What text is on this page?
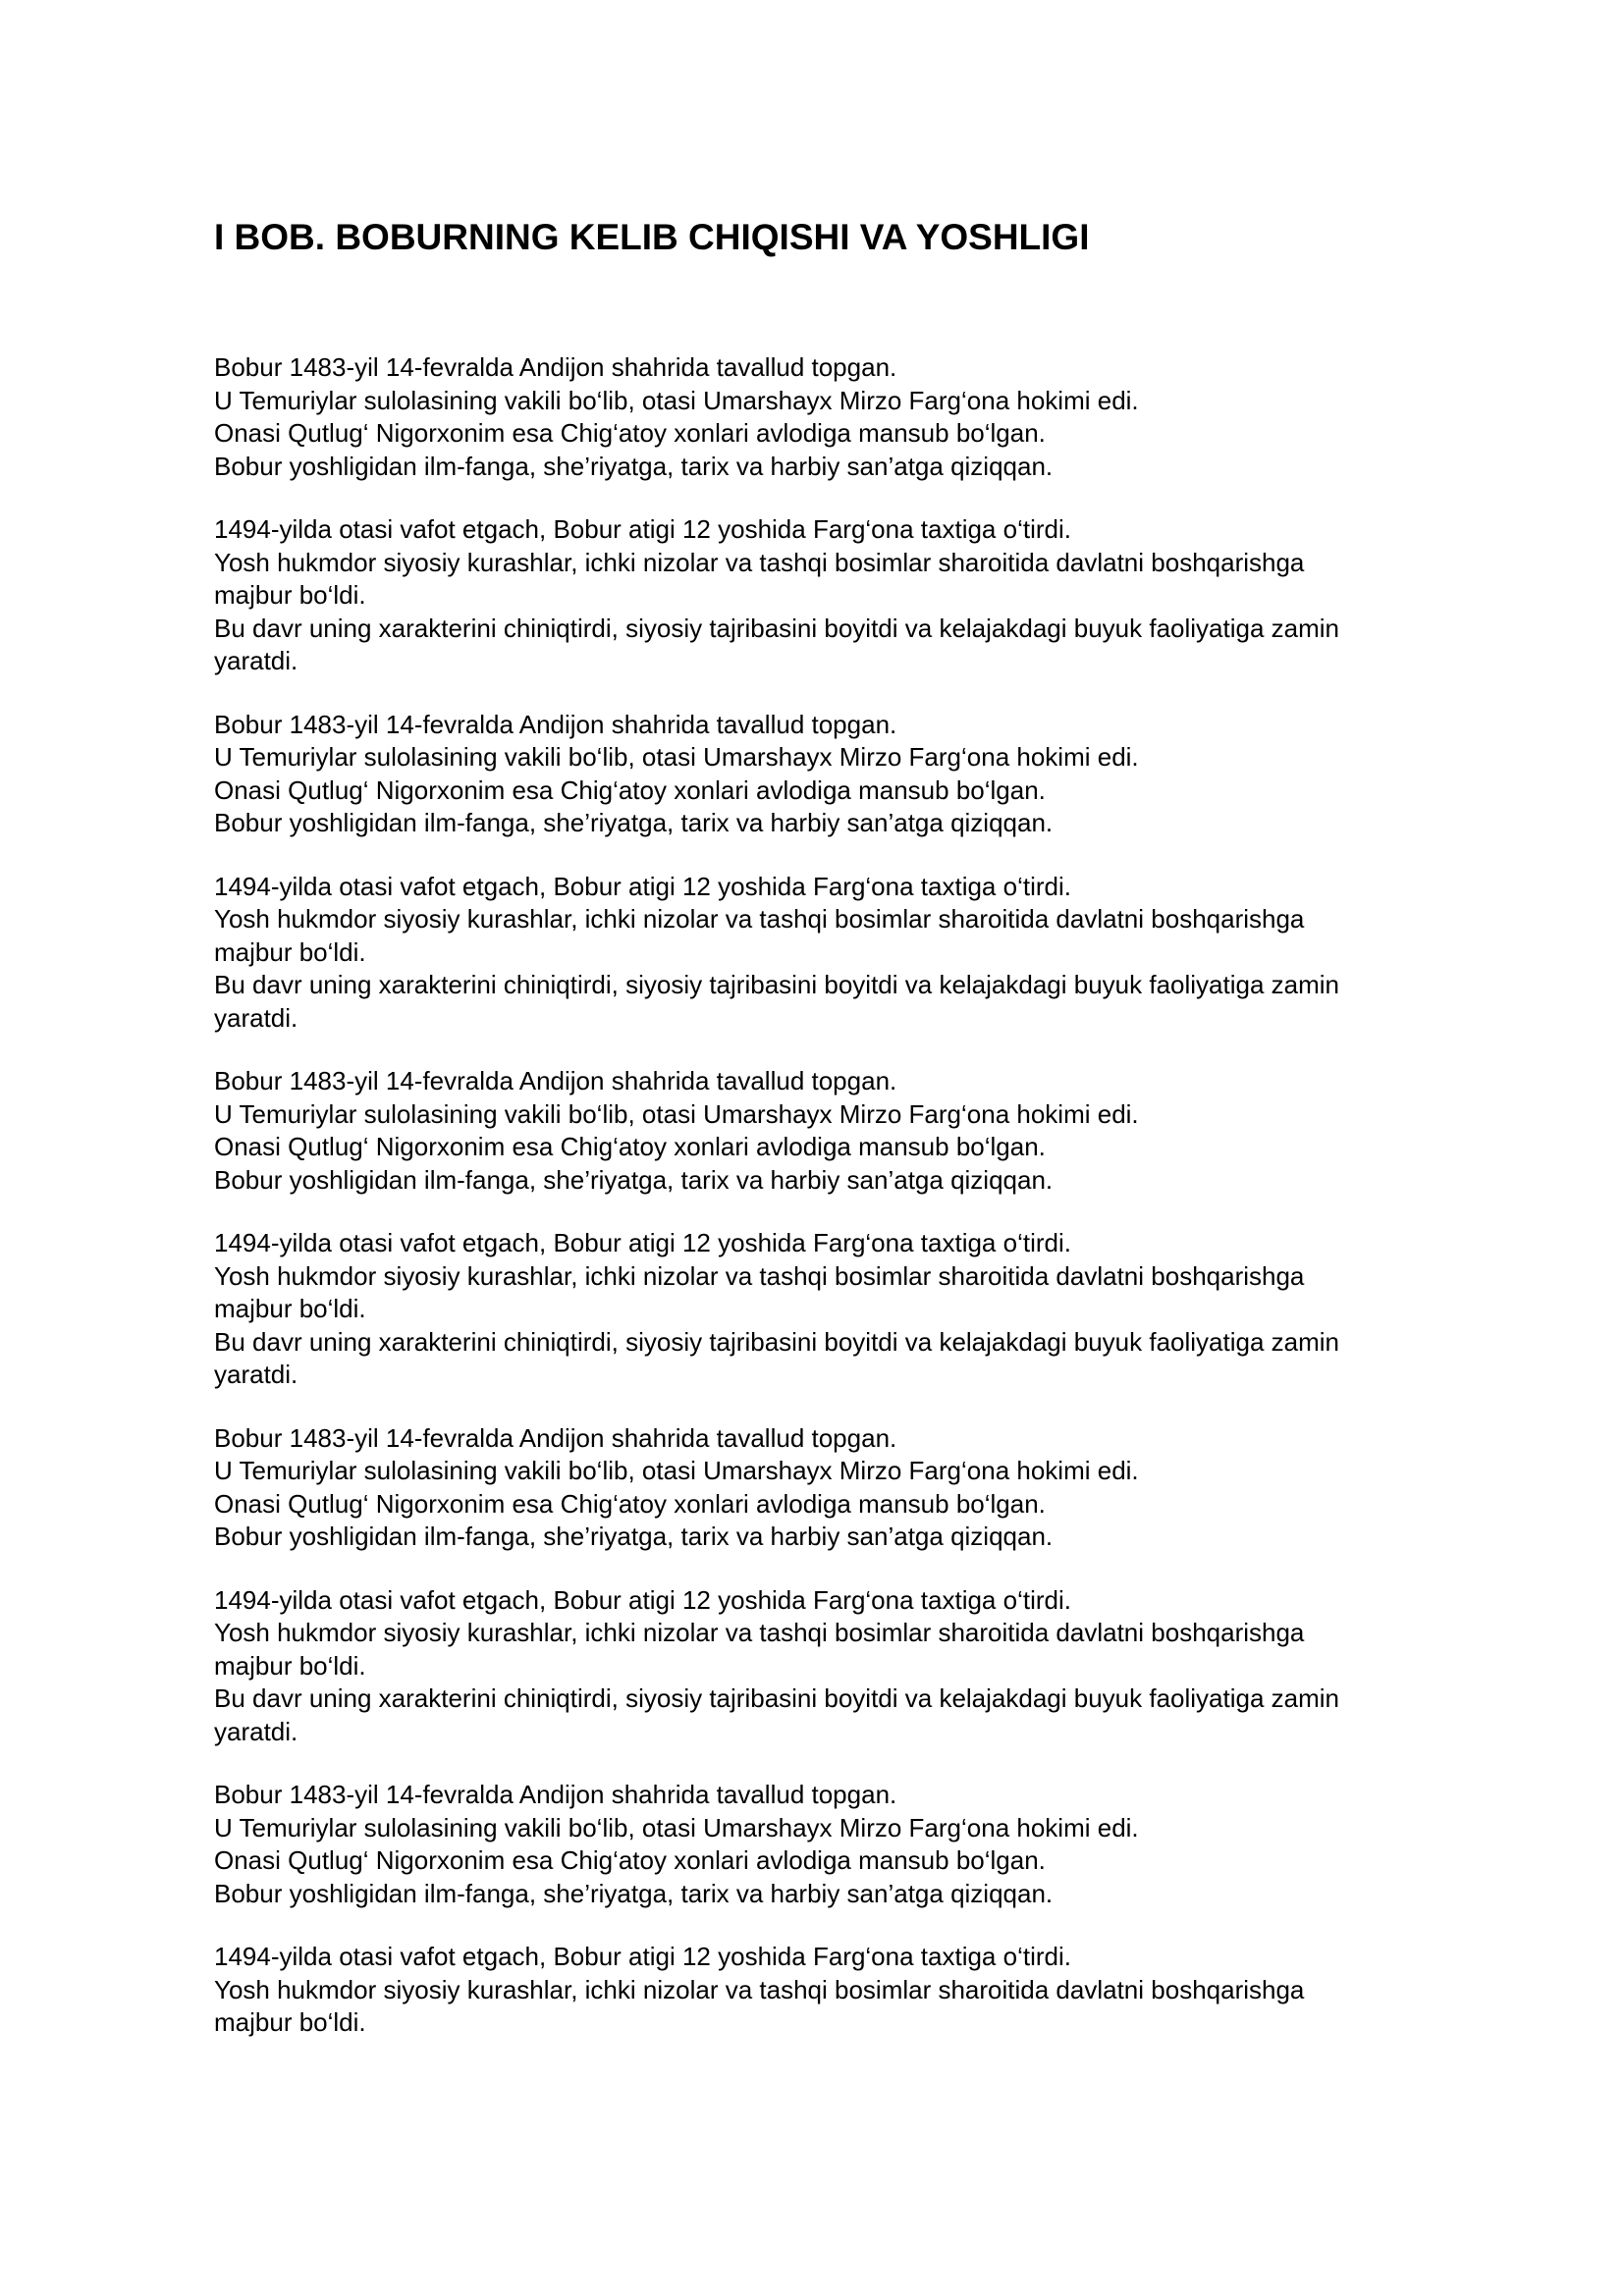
I BOB. BOBURNING KELIB CHIQISHI VA YOSHLIGI

Bobur 1483-yil 14-fevralda Andijon shahrida tavallud topgan.
U Temuriylar sulolasining vakili bo‘lib, otasi Umarshayx Mirzo Farg‘ona hokimi edi.
Onasi Qutlug‘ Nigorxonim esa Chig‘atoy xonlari avlodiga mansub bo‘lgan.
Bobur yoshligidan ilm-fanga, she’riyatga, tarix va harbiy san’atga qiziqqan.

1494-yilda otasi vafot etgach, Bobur atigi 12 yoshida Farg‘ona taxtiga o‘tirdi.
Yosh hukmdor siyosiy kurashlar, ichki nizolar va tashqi bosimlar sharoitida davlatni boshqarishga
majbur bo‘ldi.
Bu davr uning xarakterini chiniqtirdi, siyosiy tajribasini boyitdi va kelajakdagi buyuk faoliyatiga zamin
yaratdi.

Bobur 1483-yil 14-fevralda Andijon shahrida tavallud topgan.
U Temuriylar sulolasining vakili bo‘lib, otasi Umarshayx Mirzo Farg‘ona hokimi edi.
Onasi Qutlug‘ Nigorxonim esa Chig‘atoy xonlari avlodiga mansub bo‘lgan.
Bobur yoshligidan ilm-fanga, she’riyatga, tarix va harbiy san’atga qiziqqan.

1494-yilda otasi vafot etgach, Bobur atigi 12 yoshida Farg‘ona taxtiga o‘tirdi.
Yosh hukmdor siyosiy kurashlar, ichki nizolar va tashqi bosimlar sharoitida davlatni boshqarishga
majbur bo‘ldi.
Bu davr uning xarakterini chiniqtirdi, siyosiy tajribasini boyitdi va kelajakdagi buyuk faoliyatiga zamin
yaratdi.

Bobur 1483-yil 14-fevralda Andijon shahrida tavallud topgan.
U Temuriylar sulolasining vakili bo‘lib, otasi Umarshayx Mirzo Farg‘ona hokimi edi.
Onasi Qutlug‘ Nigorxonim esa Chig‘atoy xonlari avlodiga mansub bo‘lgan.
Bobur yoshligidan ilm-fanga, she’riyatga, tarix va harbiy san’atga qiziqqan.

1494-yilda otasi vafot etgach, Bobur atigi 12 yoshida Farg‘ona taxtiga o‘tirdi.
Yosh hukmdor siyosiy kurashlar, ichki nizolar va tashqi bosimlar sharoitida davlatni boshqarishga
majbur bo‘ldi.
Bu davr uning xarakterini chiniqtirdi, siyosiy tajribasini boyitdi va kelajakdagi buyuk faoliyatiga zamin
yaratdi.

Bobur 1483-yil 14-fevralda Andijon shahrida tavallud topgan.
U Temuriylar sulolasining vakili bo‘lib, otasi Umarshayx Mirzo Farg‘ona hokimi edi.
Onasi Qutlug‘ Nigorxonim esa Chig‘atoy xonlari avlodiga mansub bo‘lgan.
Bobur yoshligidan ilm-fanga, she’riyatga, tarix va harbiy san’atga qiziqqan.

1494-yilda otasi vafot etgach, Bobur atigi 12 yoshida Farg‘ona taxtiga o‘tirdi.
Yosh hukmdor siyosiy kurashlar, ichki nizolar va tashqi bosimlar sharoitida davlatni boshqarishga
majbur bo‘ldi.
Bu davr uning xarakterini chiniqtirdi, siyosiy tajribasini boyitdi va kelajakdagi buyuk faoliyatiga zamin
yaratdi.

Bobur 1483-yil 14-fevralda Andijon shahrida tavallud topgan.
U Temuriylar sulolasining vakili bo‘lib, otasi Umarshayx Mirzo Farg‘ona hokimi edi.
Onasi Qutlug‘ Nigorxonim esa Chig‘atoy xonlari avlodiga mansub bo‘lgan.
Bobur yoshligidan ilm-fanga, she’riyatga, tarix va harbiy san’atga qiziqqan.

1494-yilda otasi vafot etgach, Bobur atigi 12 yoshida Farg‘ona taxtiga o‘tirdi.
Yosh hukmdor siyosiy kurashlar, ichki nizolar va tashqi bosimlar sharoitida davlatni boshqarishga
majbur bo‘ldi.
